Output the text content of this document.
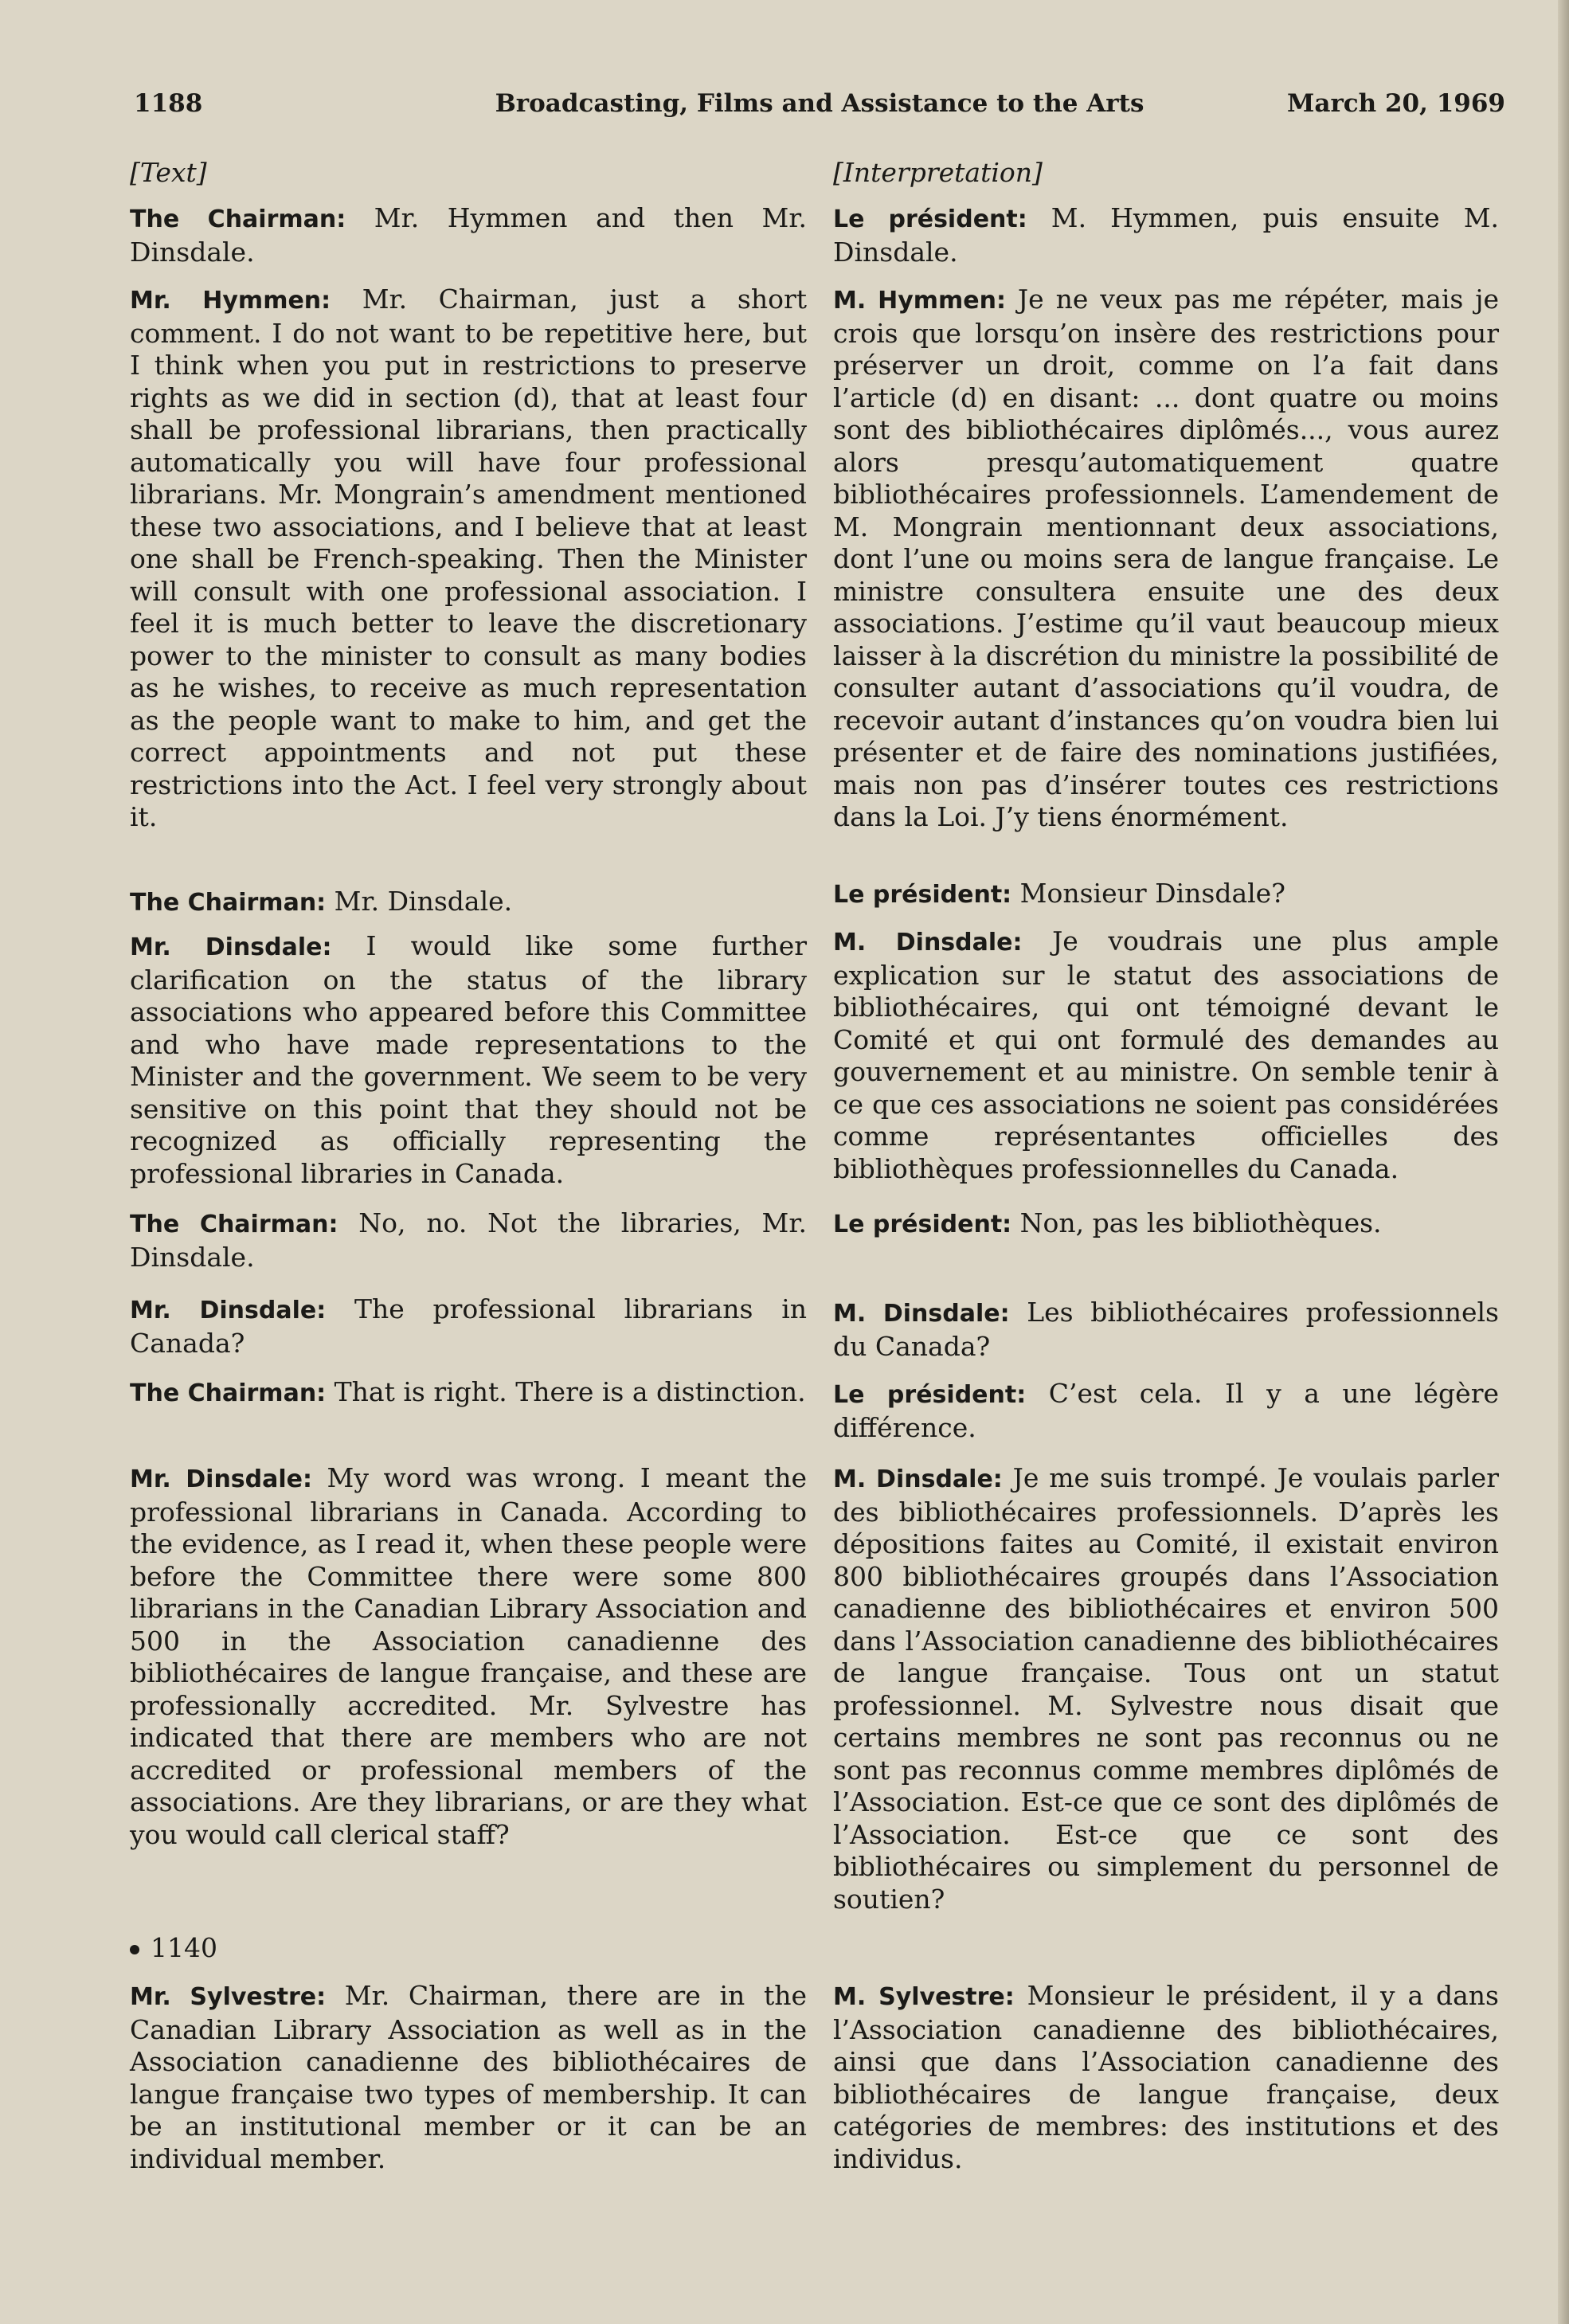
1188	Broadcasting, Films and Assistance to the Arts	March 20, 1969
[Text]

The Chairman: Mr. Hymmen and then Mr. Dinsdale.

Mr. Hymmen: Mr. Chairman, just a short comment. I do not want to be repetitive here, but I think when you put in restrictions to preserve rights as we did in section (d), that at least four shall be professional librarians, then practically automatically you will have four professional librarians. Mr. Mongrain’s amendment mentioned these two associations, and I believe that at least one shall be French-speaking. Then the Minister will consult with one professional association. I feel it is much better to leave the discretionary power to the minister to consult as many bodies as he wishes, to receive as much representation as the people want to make to him, and get the correct appointments and not put these restrictions into the Act. I feel very strongly about it.

The Chairman: Mr. Dinsdale.

Mr. Dinsdale: I would like some further clarification on the status of the library associations who appeared before this Committee and who have made representations to the Minister and the government. We seem to be very sensitive on this point that they should not be recognized as officially representing the professional libraries in Canada.

The Chairman: No, no. Not the libraries, Mr. Dinsdale.

Mr. Dinsdale: The professional librarians in Canada?

The Chairman: That is right. There is a distinction.

Mr. Dinsdale: My word was wrong. I meant the professional librarians in Canada. According to the evidence, as I read it, when these people were before the Committee there were some 800 librarians in the Canadian Library Association and 500 in the Association canadienne des bibliothécaires de langue française, and these are professionally accredited. Mr. Sylvestre has indicated that there are members who are not accredited or professional members of the associations. Are they librarians, or are they what you would call clerical staff?

1140

Mr. Sylvestre: Mr. Chairman, there are in the Canadian Library Association as well as in the Association canadienne des bibliothécaires de langue française two types of membership. It can be an institutional member or it can be an individual member.

[Interpretation]

Le président: M. Hymmen, puis ensuite M. Dinsdale.

M. Hymmen: Je ne veux pas me répéter, mais je crois que lorsqu’on insère des restrictions pour préserver un droit, comme on l’a fait dans l’article (d) en disant: ... dont quatre ou moins sont des bibliothécaires diplômés..., vous aurez alors presqu’automatiquement quatre bibliothécaires professionnels. L’amendement de M. Mongrain mentionnant deux associations, dont l’une ou moins sera de langue française. Le ministre consultera ensuite une des deux associations. J’estime qu’il vaut beaucoup mieux laisser à la discrétion du ministre la possibilité de consulter autant d’associations qu’il voudra, de recevoir autant d’instances qu’on voudra bien lui présenter et de faire des nominations justifiées, mais non pas d’insérer toutes ces restrictions dans la Loi. J’y tiens énormément.

Le président: Monsieur Dinsdale?

M. Dinsdale: Je voudrais une plus ample explication sur le statut des associations de bibliothécaires, qui ont témoigné devant le Comité et qui ont formulé des demandes au gouvernement et au ministre. On semble tenir à ce que ces associations ne soient pas considérées comme représentantes officielles des bibliothèques professionnelles du Canada.

Le président: Non, pas les bibliothèques.

M. Dinsdale: Les bibliothécaires professionnels du Canada?

Le président: C’est cela. Il y a une légère différence.

M. Dinsdale: Je me suis trompé. Je voulais parler des bibliothécaires professionnels. D’après les dépositions faites au Comité, il existait environ 800 bibliothécaires groupés dans l’Association canadienne des bibliothécaires et environ 500 dans l’Association canadienne des bibliothécaires de langue française. Tous ont un statut professionnel. M. Sylvestre nous disait que certains membres ne sont pas reconnus ou ne sont pas reconnus comme membres diplômés de l’Association. Est-ce que ce sont des diplômés de l’Association. Est-ce que ce sont des bibliothécaires ou simplement du personnel de soutien?

M. Sylvestre: Monsieur le président, il y a dans l’Association canadienne des bibliothécaires, ainsi que dans l’Association canadienne des bibliothécaires de langue française, deux catégories de membres: des institutions et des individus.
